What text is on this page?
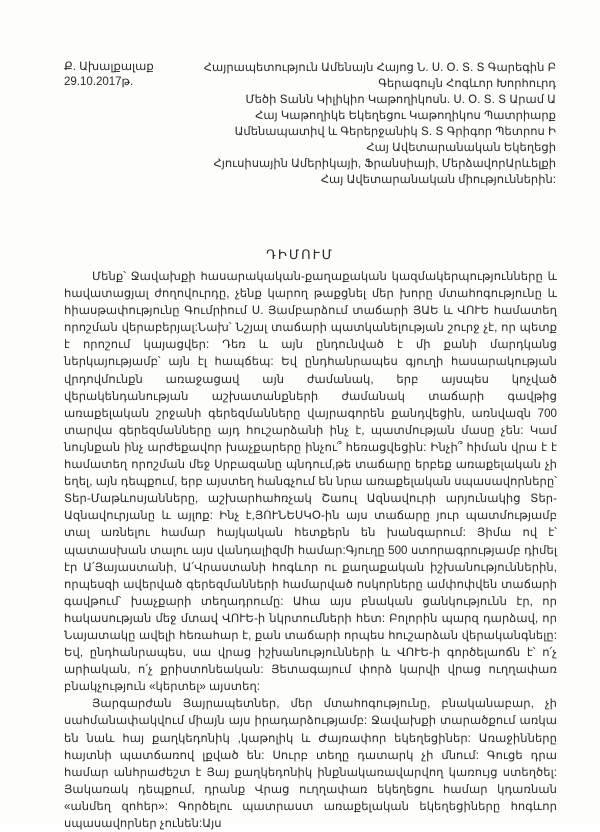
Ք. Ախալքալաք
29.10.2017թ.
Հայրապետություն Ամենայն Հայոց Ն. Ս. Օ. Տ. Տ Գարեգին Բ
Գերագույն Հոգևոր Խորհուրդ
Մեծի Տանն Կիլիկիո Կաթողիկոսն. Ս. Օ. Տ. Տ Արամ Ա
Հայ Կաթողիկե Եկեղեցու Կաթողիկոս Պատրիարք
Ամենապատիվ և Գերերջանիկ Տ. Տ Գրիգոր Պետրոս Ի
Հայ Ավետարանական Եկեղեցի
Հյուսիսային Ամերիկայի, Ֆրանսիայի, ՄերձավորԱրևելքի
Հայ Ավետարանական միություններին:
ԴԻՄՈՒՄ

Մենք՝ Ջավախքի հասարակական-քաղաքական կազմակերպությունները և հավատացյալ ժողովուրդը, չենք կարող թաքցնել մեր խորը մտահոգությունը և հիասթափությունը Գումրիում Ս. Յամբարձում տաճարի ՅԱԵ և ՎՈՒԵ համատեղ որոշման վերաբերյալ:Նախ՝ Նշյալ տաճարի պատկանելության շուրջ չէ, որ պետք է որոշում կայացվեր: Դեռ և այն ընդունված է մի քանի մարդկանց ներկայությամբ՝ այն էլ հապճեպ: Եվ ընդհանրապես գյուղի հասարակության վրդովմունքն առաջացավ այն ժամանակ, երբ այսպես կոչված վերակենդանության աշխատանքների ժամանակ տաճարի գավթից առաքելական շրջանի գերեզմանները վայրագորեն քանդվեցին, առնվազն 700 տարվա գերեզմանները այդ հուշարձանի ինչ է, պատմության մասը չեն: Կամ նույնքան ինչ արժեքավոր խաչքարերը ինչու՞ հեռացվեցին: Ինչի՞ հիման վրա է է համատեղ որոշման մեջ Սրբազանը պնդում,թե տաճարը երբեք առաքելական չի եղել, այն դեպքում, երբ այստեղ հանգչում են նրա առաքելական սպասավորները՝ Տեր-Մաթևոսյանները, աշխարհահռչակ Շաուլ Ազնավուրի արյունակից Տեր-Ազնավուրյանը և այլոք: Ինչ է,ՅՈՒՆԵՍԿՕ-ին այս տաճարը յուր պատմությամբ տալ առնելու համար հայկական հետքերն են խանգարում: Յիմա ով է՝ պատասխան տալու այս վանդալիզմի համար:Գյուղը 500 ստորագրությամբ դիմել էր Ա՛Յայաստանի, Ա՛Վրաստանի հոգևոր ու քաղաքական իշխանություններին, որպեսզի ավերված գերեզմանների համարված ոսկորները ամփոփվեն տաճարի գավթում՝ խաչքարի տեղադրումը: Ահա այս բնական ցանկությունն էր, որ հակասության մեջ մտավ ՎՈՒԵ-ի նկրտումների հետ: Բոլորին պարզ դարձավ, որ Նայատակը ավելի հեռահար է, քան տաճարի որպես հուշարձան վերականգնելը: Եվ, ընդհանրապես, սա վրաց իշխանությունների և ՎՈՒԵ-ի գործելաոճն է՝ ո՛չ արիական, ո՛չ քրիստոնեական: Յետագայում փորձ կարվի վրաց ուղղափառ բնակչություն «կերտել» այստեղ:

Յարգարժան Յայրապետներ, մեր մտահոգությունը, բնականաբար, չի սահմանափակվում միայն այս իրադարձությամբ: Ջավախքի տարածքում առկա են նաև հայ քաղկեդոնիկ ,կաթոլիկ և Ժայռափոր եկեղեցիներ: Առաջինները հայտնի պատճառով լքված են: Սուրբ տեղը դատարկ չի մնում: Գուցե դրա համար անհրաժեշտ է Յայ քաղկեդոնիկ ինքնակառավարվող կառույց ստեղծել: Յակառակ դեպքում, դրանք Վրաց ուղղափառ եկեղեցու համար կդառնան «անմեղ զոհեր»: Գործելու պատրաստ առաքելական եկեղեցիները հոգևոր սպասավորներ չունեն:Այս
